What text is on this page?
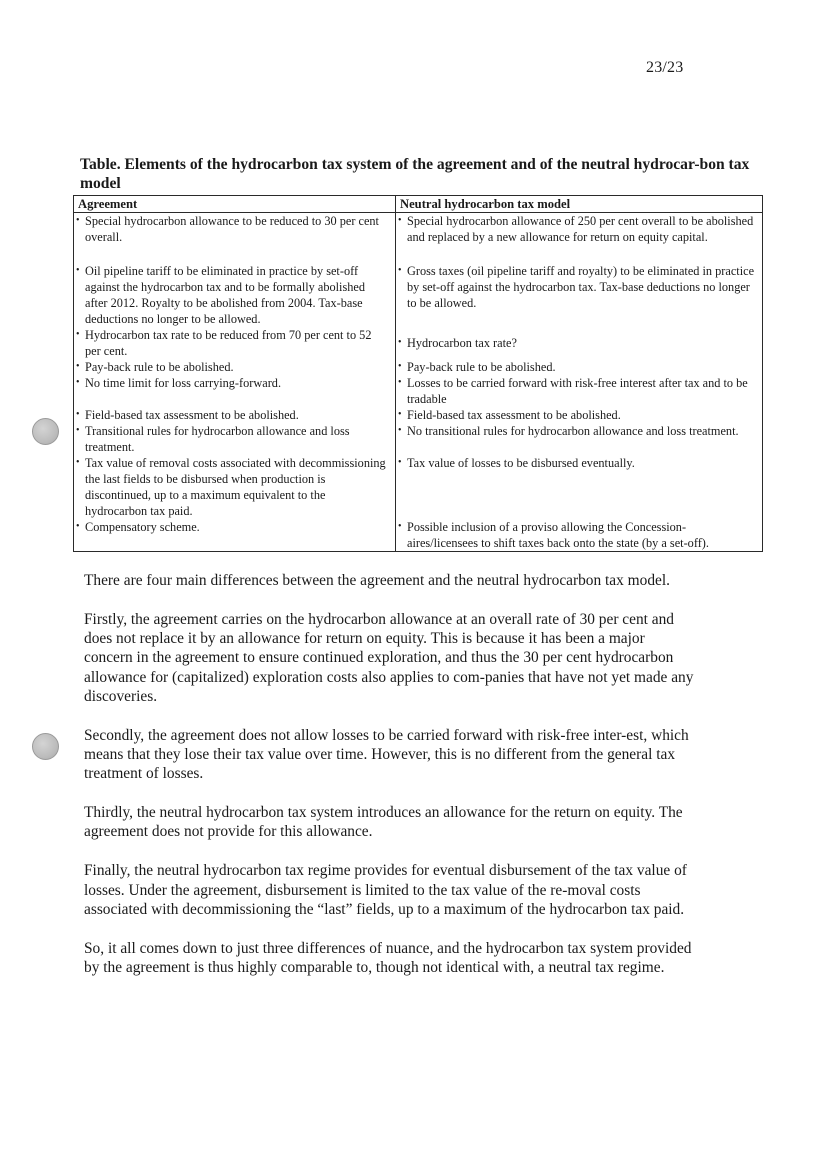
23/23
Table. Elements of the hydrocarbon tax system of the agreement and of the neutral hydrocar-bon tax model
Agreement	Neutral hydrocarbon tax model

• Special hydrocarbon allowance to be reduced to 30 per cent overall.	• Special hydrocarbon allowance of 250 per cent overall to be abolished and replaced by a new allowance for return on equity capital.

• Oil pipeline tariff to be eliminated in practice by set-off against the hydrocarbon tax and to be formally abolished after 2012. Royalty to be abolished from 2004. Tax-base deductions no longer to be allowed.	• Gross taxes (oil pipeline tariff and royalty) to be eliminated in practice by set-off against the hydrocarbon tax. Tax-base deductions no longer to be allowed.

• Hydrocarbon tax rate to be reduced from 70 per cent to 52 per cent.	• Hydrocarbon tax rate?

• Pay-back rule to be abolished.	• Pay-back rule to be abolished.

• No time limit for loss carrying-forward.	• Losses to be carried forward with risk-free interest after tax and to be tradable

• Field-based tax assessment to be abolished.	• Field-based tax assessment to be abolished.

• Transitional rules for hydrocarbon allowance and loss treatment.	• No transitional rules for hydrocarbon allowance and loss treatment.

• Tax value of removal costs associated with decommissioning the last fields to be disbursed when production is discontinued, up to a maximum equivalent to the hydrocarbon tax paid.	• Tax value of losses to be disbursed eventually.

• Compensatory scheme.	• Possible inclusion of a proviso allowing the Concession-aires/licensees to shift taxes back onto the state (by a set-off).

There are four main differences between the agreement and the neutral hydrocarbon tax model.

Firstly, the agreement carries on the hydrocarbon allowance at an overall rate of 30 per cent and does not replace it by an allowance for return on equity. This is because it has been a major concern in the agreement to ensure continued exploration, and thus the 30 per cent hydrocarbon allowance for (capitalized) exploration costs also applies to com-panies that have not yet made any discoveries.

Secondly, the agreement does not allow losses to be carried forward with risk-free inter-est, which means that they lose their tax value over time. However, this is no different from the general tax treatment of losses.

Thirdly, the neutral hydrocarbon tax system introduces an allowance for the return on equity. The agreement does not provide for this allowance.

Finally, the neutral hydrocarbon tax regime provides for eventual disbursement of the tax value of losses. Under the agreement, disbursement is limited to the tax value of the re-moval costs associated with decommissioning the “last” fields, up to a maximum of the hydrocarbon tax paid.

So, it all comes down to just three differences of nuance, and the hydrocarbon tax system provided by the agreement is thus highly comparable to, though not identical with, a neutral tax regime.
